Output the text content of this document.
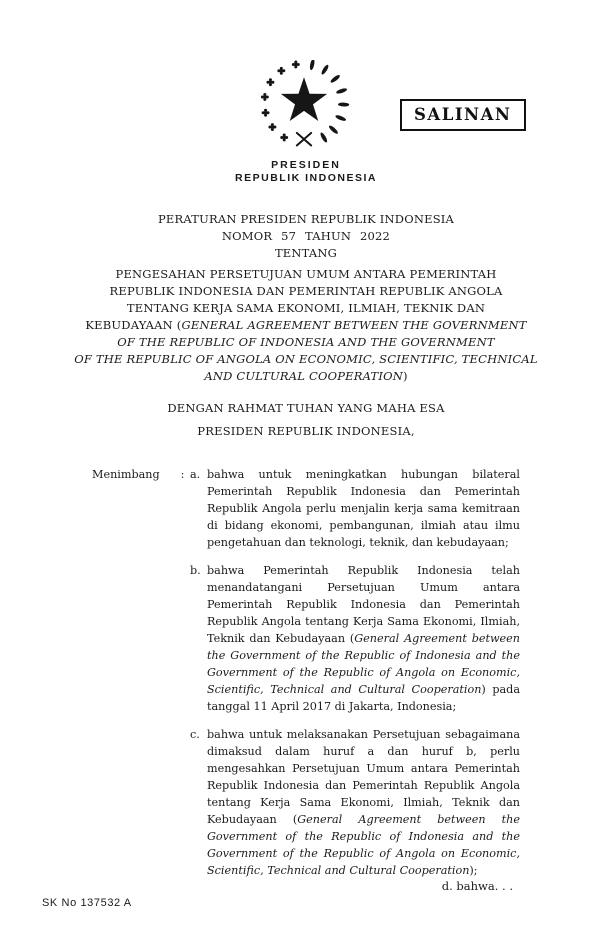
SALINAN
PRESIDEN
REPUBLIK INDONESIA
PERATURAN PRESIDEN REPUBLIK INDONESIA
NOMOR 57 TAHUN 2022
TENTANG
PENGESAHAN PERSETUJUAN UMUM ANTARA PEMERINTAH
REPUBLIK INDONESIA DAN PEMERINTAH REPUBLIK ANGOLA
TENTANG KERJA SAMA EKONOMI, ILMIAH, TEKNIK DAN
KEBUDAYAAN (GENERAL AGREEMENT BETWEEN THE GOVERNMENT
OF THE REPUBLIC OF INDONESIA AND THE GOVERNMENT
OF THE REPUBLIC OF ANGOLA ON ECONOMIC, SCIENTIFIC, TECHNICAL
AND CULTURAL COOPERATION)
DENGAN RAHMAT TUHAN YANG MAHA ESA
PRESIDEN REPUBLIK INDONESIA,
Menimbang	: a. bahwa untuk meningkatkan hubungan bilateral Pemerintah Republik Indonesia dan Pemerintah Republik Angola perlu menjalin kerja sama kemitraan di bidang ekonomi, pembangunan, ilmiah atau ilmu pengetahuan dan teknologi, teknik, dan kebudayaan;
b. bahwa Pemerintah Republik Indonesia telah menandatangani Persetujuan Umum antara Pemerintah Republik Indonesia dan Pemerintah Republik Angola tentang Kerja Sama Ekonomi, Ilmiah, Teknik dan Kebudayaan (General Agreement between the Government of the Republic of Indonesia and the Government of the Republic of Angola on Economic, Scientific, Technical and Cultural Cooperation) pada tanggal 11 April 2017 di Jakarta, Indonesia;
c. bahwa untuk melaksanakan Persetujuan sebagaimana dimaksud dalam huruf a dan huruf b, perlu mengesahkan Persetujuan Umum antara Pemerintah Republik Indonesia dan Pemerintah Republik Angola tentang Kerja Sama Ekonomi, Ilmiah, Teknik dan Kebudayaan (General Agreement between the Government of the Republic of Indonesia and the Government of the Republic of Angola on Economic, Scientific, Technical and Cultural Cooperation);
d. bahwa. . .
SK No 137532 A
